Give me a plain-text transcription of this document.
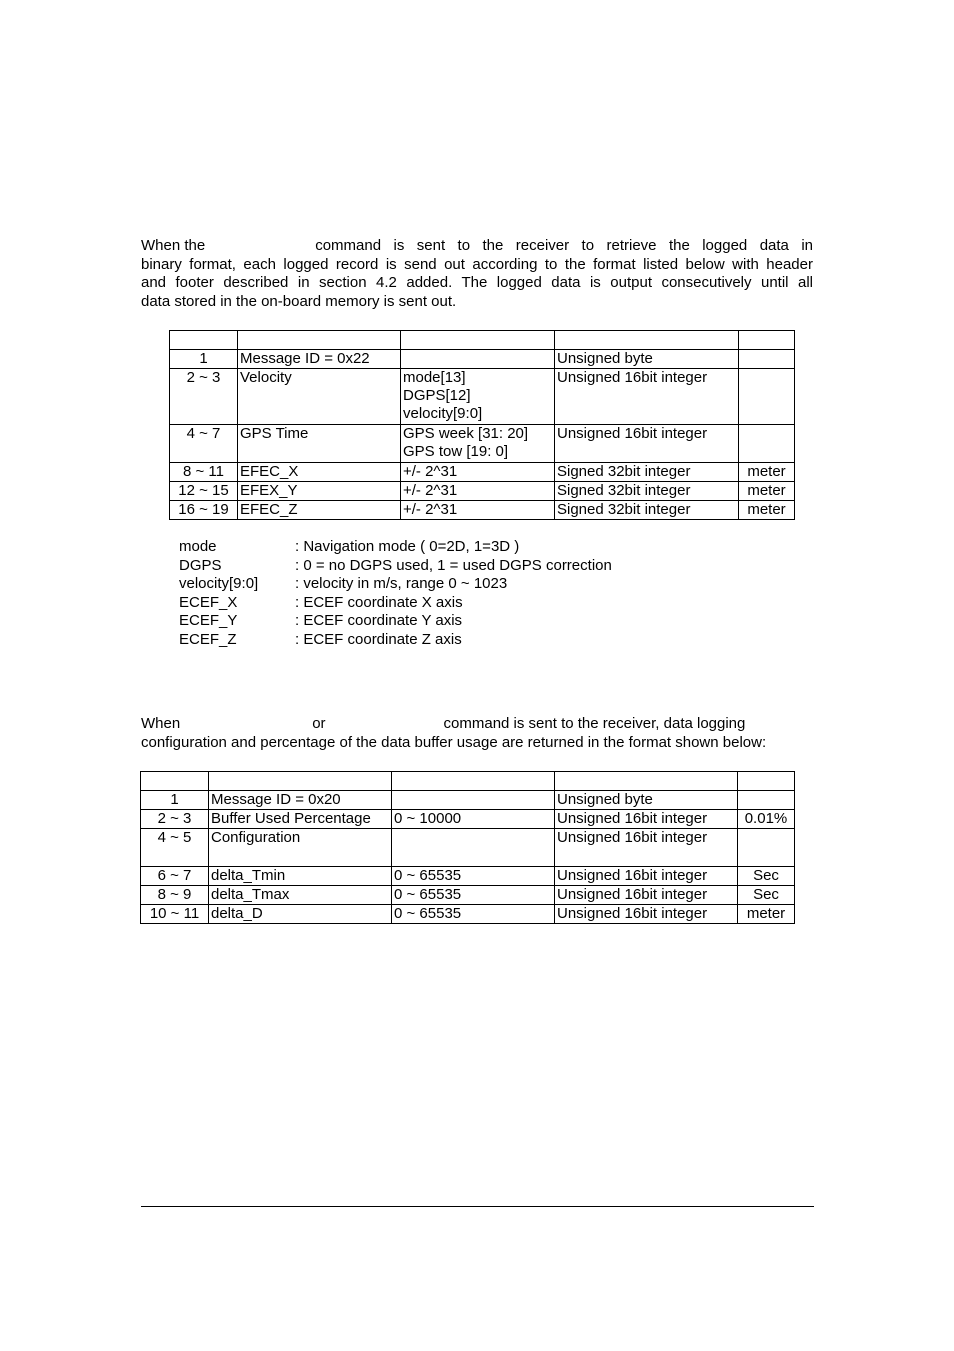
When the	command is sent to the receiver to retrieve the logged data in
binary format, each logged record is send out according to the format listed below with header
and footer described in section 4.2 added. The logged data is output consecutively until all
data stored in the on-board memory is sent out.

1	Message ID = 0x22		Unsigned byte	
2 ~ 3	Velocity	mode[13]
DGPS[12]
velocity[9:0]	Unsigned 16bit integer	
4 ~ 7	GPS Time	GPS week [31: 20]
GPS tow [19: 0]	Unsigned 16bit integer	
8 ~ 11	EFEC_X	+/- 2^31	Signed 32bit integer	meter
12 ~ 15	EFEX_Y	+/- 2^31	Signed 32bit integer	meter
16 ~ 19	EFEC_Z	+/- 2^31	Signed 32bit integer	meter
mode	: Navigation mode ( 0=2D, 1=3D )
DGPS	: 0 = no DGPS used, 1 = used DGPS correction
velocity[9:0] : velocity in m/s, range 0 ~ 1023
ECEF_X	: ECEF coordinate X axis
ECEF_Y	: ECEF coordinate Y axis
ECEF_Z	: ECEF coordinate Z axis
When	or	command is sent to the receiver, data logging
configuration and percentage of the data buffer usage are returned in the format shown below:

1	Message ID = 0x20		Unsigned byte	
2 ~ 3	Buffer Used Percentage	0 ~ 10000	Unsigned 16bit integer	0.01%
4 ~ 5	Configuration		Unsigned 16bit integer	
6 ~ 7	delta_Tmin	0 ~ 65535	Unsigned 16bit integer	Sec
8 ~ 9	delta_Tmax	0 ~ 65535	Unsigned 16bit integer	Sec
10 ~ 11	delta_D	0 ~ 65535	Unsigned 16bit integer	meter
